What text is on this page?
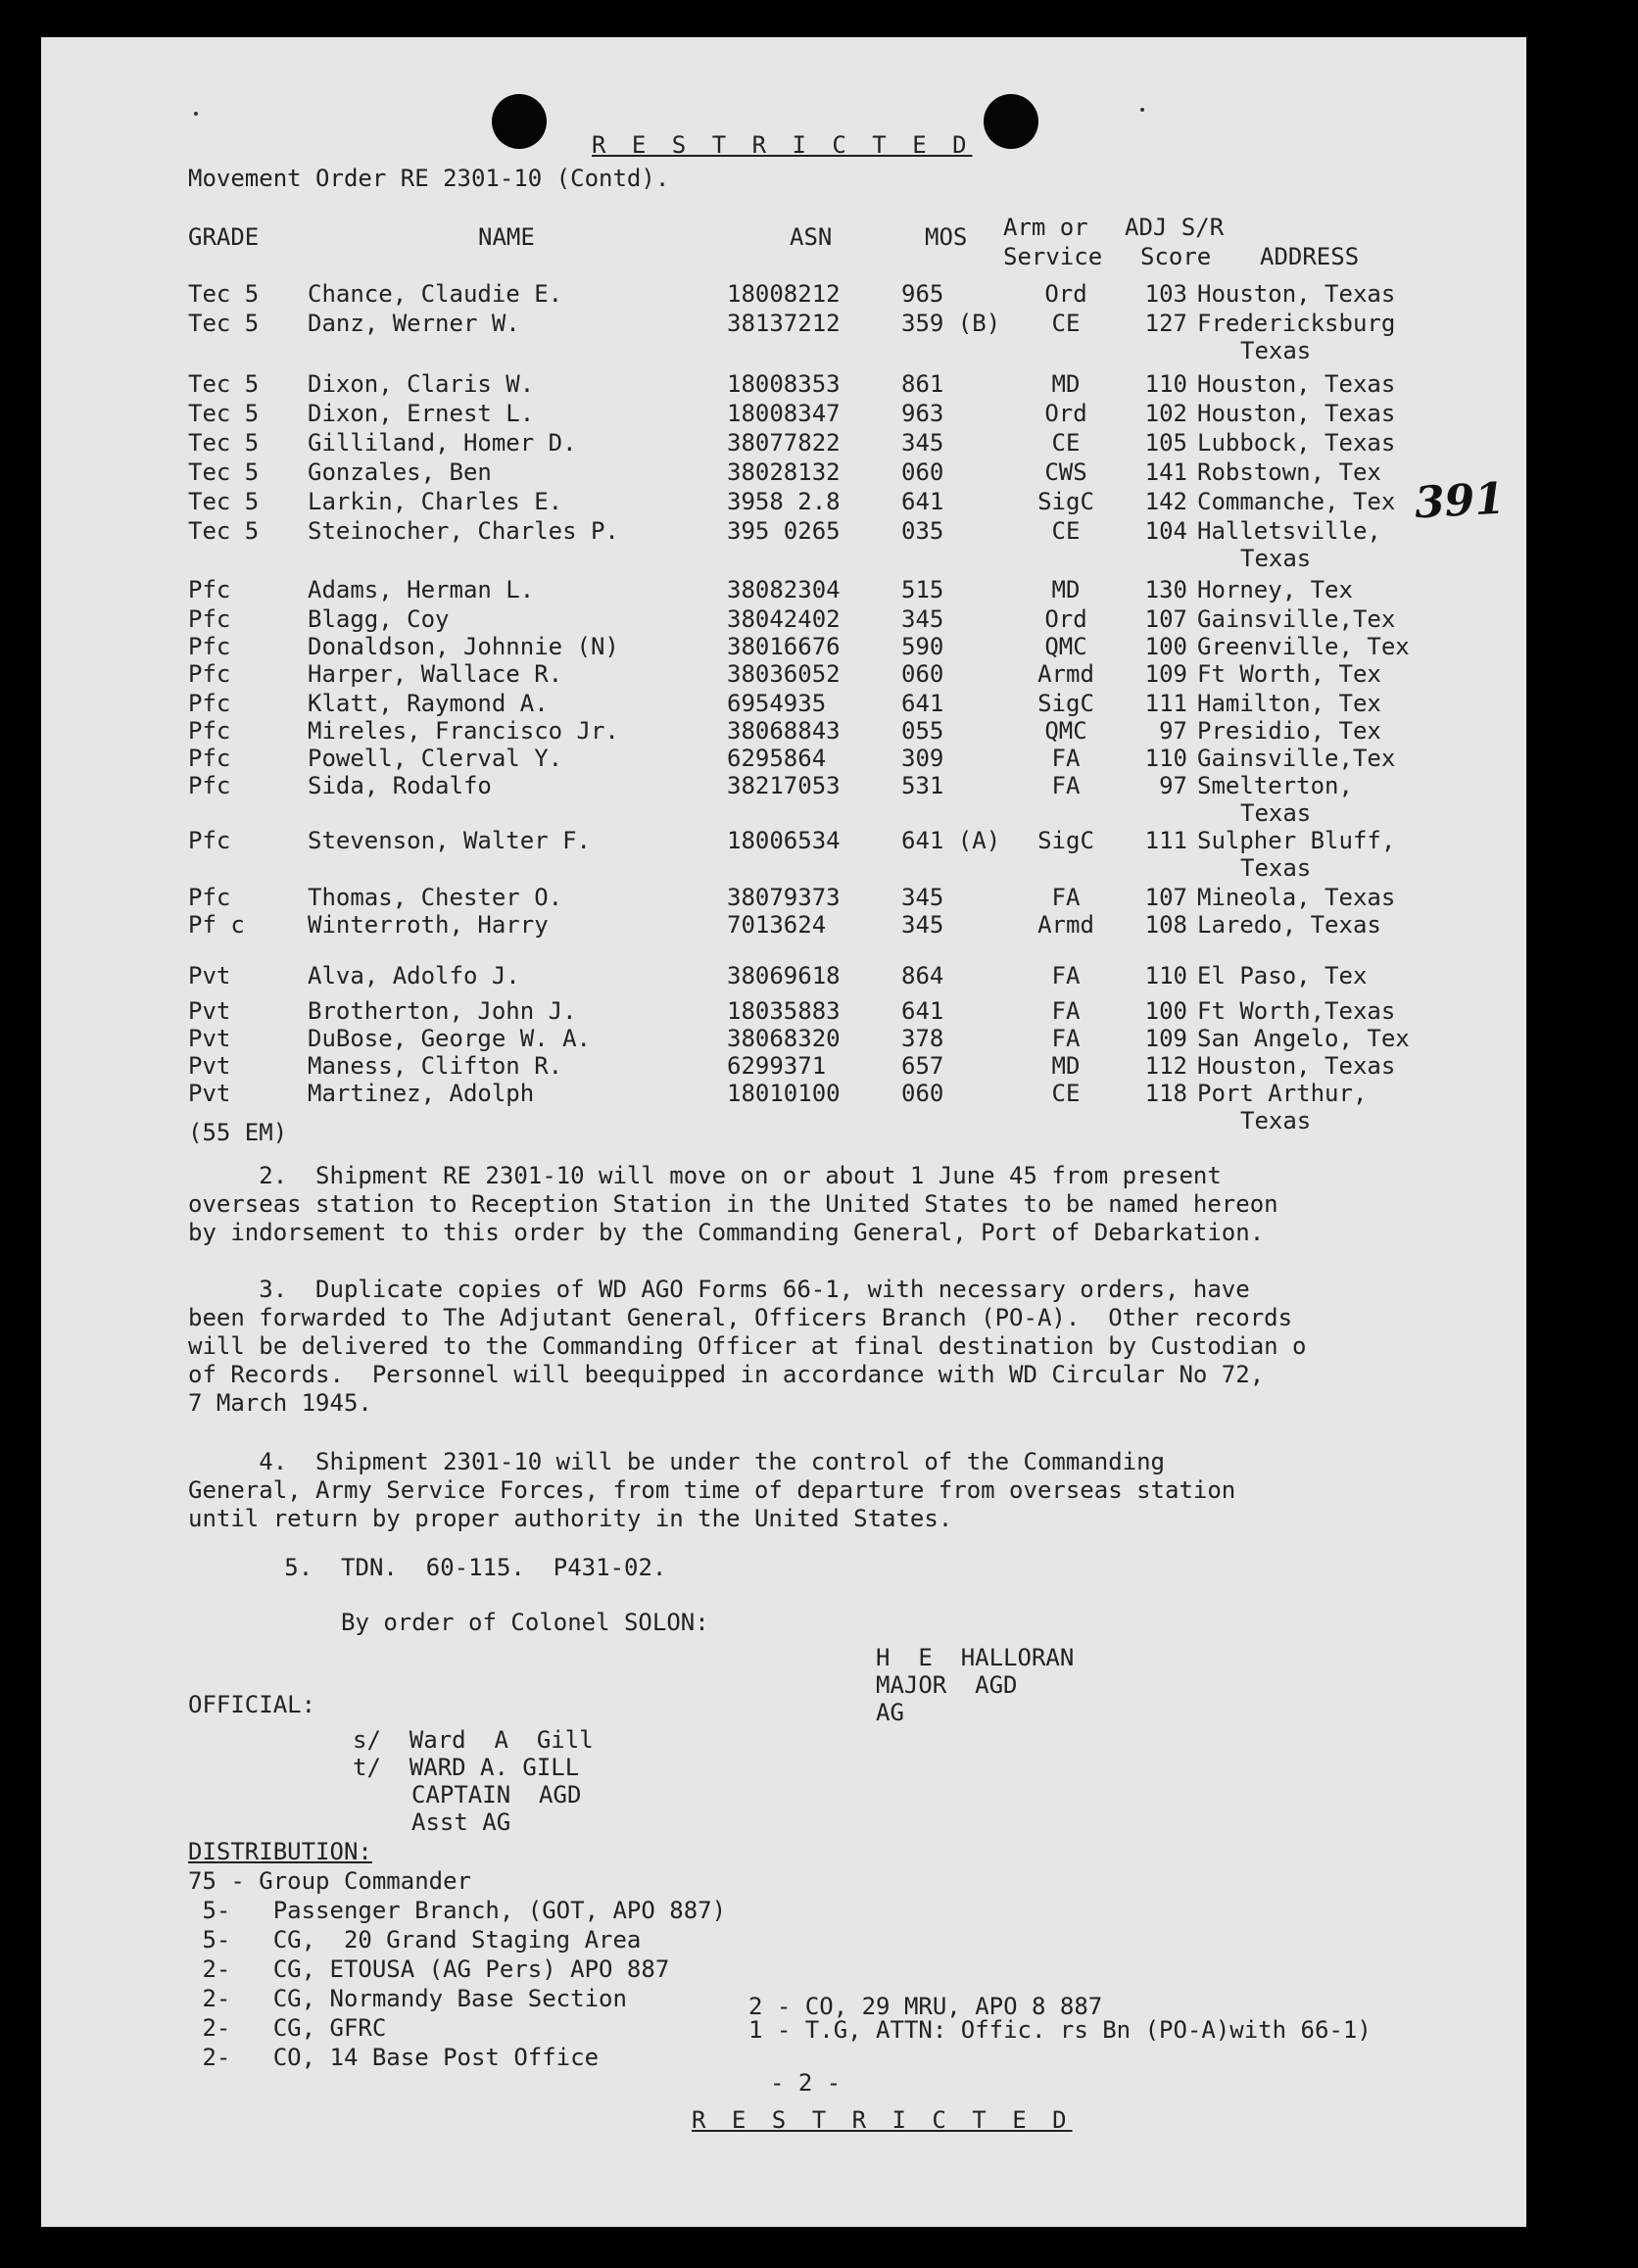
R E S T R I C T E D
Movement Order RE 2301-10 (Contd).
391
GRADE	NAME	ASN	MOS Arm or
Service
ADJ S/R
Score ADDRESS
Tec 5 Chance, Claudie E.	18008212	965	Ord	103 Houston, Texas
Tec 5 Danz, Werner W.	38137212	359 (B)	CE	127 Fredericksburg
Texas
Tec 5 Dixon, Claris W.	18008353	861	MD	110 Houston, Texas
Tec 5 Dixon, Ernest L.	18008347	963	Ord	102 Houston, Texas
Tec 5 Gilliland, Homer D.	38077822	345	CE	105 Lubbock, Texas
Tec 5 Gonzales, Ben	38028132	060	CWS	141 Robstown, Tex
Tec 5 Larkin, Charles E.	3958 2.8	641	SigC	142 Commanche, Tex
Tec 5 Steinocher, Charles P.	395 0265	035	CE	104 Halletsville,
Texas
Pfc	Adams, Herman L.	38082304	515	MD	130 Horney, Tex
Pfc	Blagg, Coy	38042402	345	Ord	107 Gainsville,Tex
Pfc	Donaldson, Johnnie (N)	38016676	590	QMC	100 Greenville, Tex
Pfc	Harper, Wallace R.	38036052	060	Armd	109 Ft Worth, Tex
Pfc	Klatt, Raymond A.	6954935	641	SigC	111 Hamilton, Tex
Pfc	Mireles, Francisco Jr.	38068843	055	QMC	97 Presidio, Tex
Pfc	Powell, Clerval Y.	6295864	309	FA	110 Gainsville,Tex
Pfc	Sida, Rodalfo	38217053	531	FA	97 Smelterton,
Texas
Pfc	Stevenson, Walter F.	18006534	641 (A)	SigC	111 Sulpher Bluff,
Texas
Pfc	Thomas, Chester O.	38079373	345	FA	107 Mineola, Texas
Pf c	Winterroth, Harry	7013624	345	Armd	108 Laredo, Texas
Pvt	Alva, Adolfo J.	38069618	864	FA	110 El Paso, Tex
Pvt	Brotherton, John J.	18035883	641	FA	100 Ft Worth,Texas
Pvt	DuBose, George W. A.	38068320	378	FA	109 San Angelo, Tex
Pvt	Maness, Clifton R.	6299371	657	MD	112 Houston, Texas
Pvt	Martinez, Adolph	18010100	060	CE	118 Port Arthur,
Texas
(55 EM)
2.  Shipment RE 2301-10 will move on or about 1 June 45 from present
overseas station to Reception Station in the United States to be named hereon
by indorsement to this order by the Commanding General, Port of Debarkation.
3.  Duplicate copies of WD AGO Forms 66-1, with necessary orders, have
been forwarded to The Adjutant General, Officers Branch (PO-A).  Other records
will be delivered to the Commanding Officer at final destination by Custodian o
of Records.  Personnel will beequipped in accordance with WD Circular No 72,
7 March 1945.
4.  Shipment 2301-10 will be under the control of the Commanding
General, Army Service Forces, from time of departure from overseas station
until return by proper authority in the United States.
5.  TDN.  60-115.  P431-02.
By order of Colonel SOLON:
H  E  HALLORAN
MAJOR  AGD
AG
OFFICIAL:
s/  Ward  A  Gill
t/  WARD A. GILL
CAPTAIN  AGD
Asst AG
DISTRIBUTION:
75 - Group Commander
5-   Passenger Branch, (GOT, APO 887)
5-   CG,  20 Grand Staging Area
2-   CG, ETOUSA (AG Pers) APO 887
2-   CG, Normandy Base Section
2-   CG, GFRC
2-   CO, 14 Base Post Office
2 - CO, 29 MRU, APO 8 887
1 - T.G, ATTN: Offic. rs Bn (PO-A)with 66-1)
- 2 -
R E S T R I C T E D
